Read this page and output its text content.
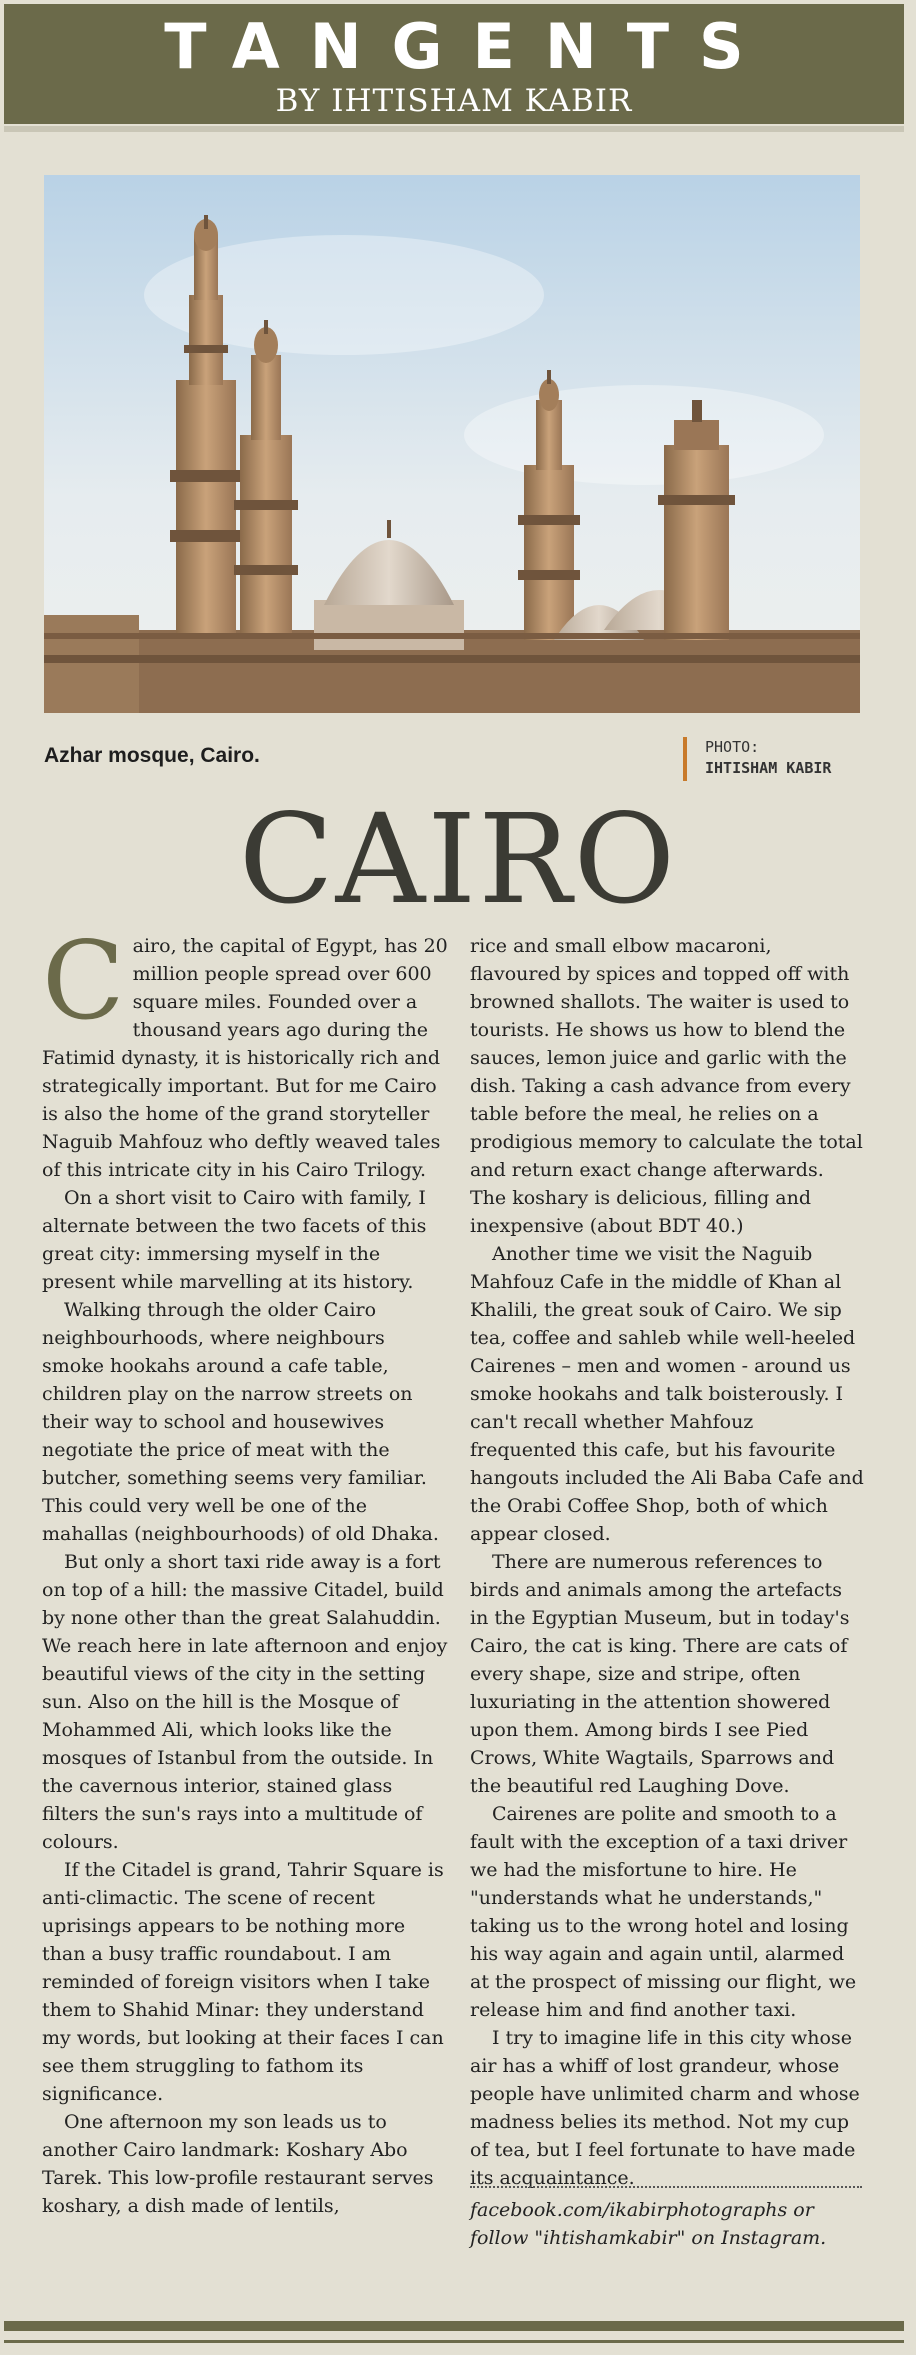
TANGENTS
BY IHTISHAM KABIR
Azhar mosque, Cairo.	PHOTO:
IHTISHAM KABIR
CAIRO

Cairo, the capital of Egypt, has 20 million people spread over 600 square miles. Founded over a thousand years ago during the Fatimid dynasty, it is historically rich and strategically important. But for me Cairo is also the home of the grand storyteller Naguib Mahfouz who deftly weaved tales of this intricate city in his Cairo Trilogy.

On a short visit to Cairo with family, I alternate between the two facets of this great city: immersing myself in the present while marvelling at its history.

Walking through the older Cairo neighbourhoods, where neighbours smoke hookahs around a cafe table, children play on the narrow streets on their way to school and housewives negotiate the price of meat with the butcher, something seems very familiar. This could very well be one of the mahallas (neighbourhoods) of old Dhaka.

But only a short taxi ride away is a fort on top of a hill: the massive Citadel, build by none other than the great Salahuddin. We reach here in late afternoon and enjoy beautiful views of the city in the setting sun. Also on the hill is the Mosque of Mohammed Ali, which looks like the mosques of Istanbul from the outside. In the cavernous interior, stained glass filters the sun's rays into a multitude of colours.

If the Citadel is grand, Tahrir Square is anti-climactic. The scene of recent uprisings appears to be nothing more than a busy traffic roundabout. I am reminded of foreign visitors when I take them to Shahid Minar: they understand my words, but looking at their faces I can see them struggling to fathom its significance.

One afternoon my son leads us to another Cairo landmark: Koshary Abo Tarek. This low-profile restaurant serves koshary, a dish made of lentils,

rice and small elbow macaroni, flavoured by spices and topped off with browned shallots. The waiter is used to tourists. He shows us how to blend the sauces, lemon juice and garlic with the dish. Taking a cash advance from every table before the meal, he relies on a prodigious memory to calculate the total and return exact change afterwards. The koshary is delicious, filling and inexpensive (about BDT 40.)

Another time we visit the Naguib Mahfouz Cafe in the middle of Khan al Khalili, the great souk of Cairo. We sip tea, coffee and sahleb while well-heeled Cairenes – men and women - around us smoke hookahs and talk boisterously. I can't recall whether Mahfouz frequented this cafe, but his favourite hangouts included the Ali Baba Cafe and the Orabi Coffee Shop, both of which appear closed.

There are numerous references to birds and animals among the artefacts in the Egyptian Museum, but in today's Cairo, the cat is king. There are cats of every shape, size and stripe, often luxuriating in the attention showered upon them. Among birds I see Pied Crows, White Wagtails, Sparrows and the beautiful red Laughing Dove.

Cairenes are polite and smooth to a fault with the exception of a taxi driver we had the misfortune to hire. He "understands what he understands," taking us to the wrong hotel and losing his way again and again until, alarmed at the prospect of missing our flight, we release him and find another taxi.

I try to imagine life in this city whose air has a whiff of lost grandeur, whose people have unlimited charm and whose madness belies its method. Not my cup of tea, but I feel fortunate to have made its acquaintance.

facebook.com/ikabirphotographs or follow "ihtishamkabir" on Instagram.
